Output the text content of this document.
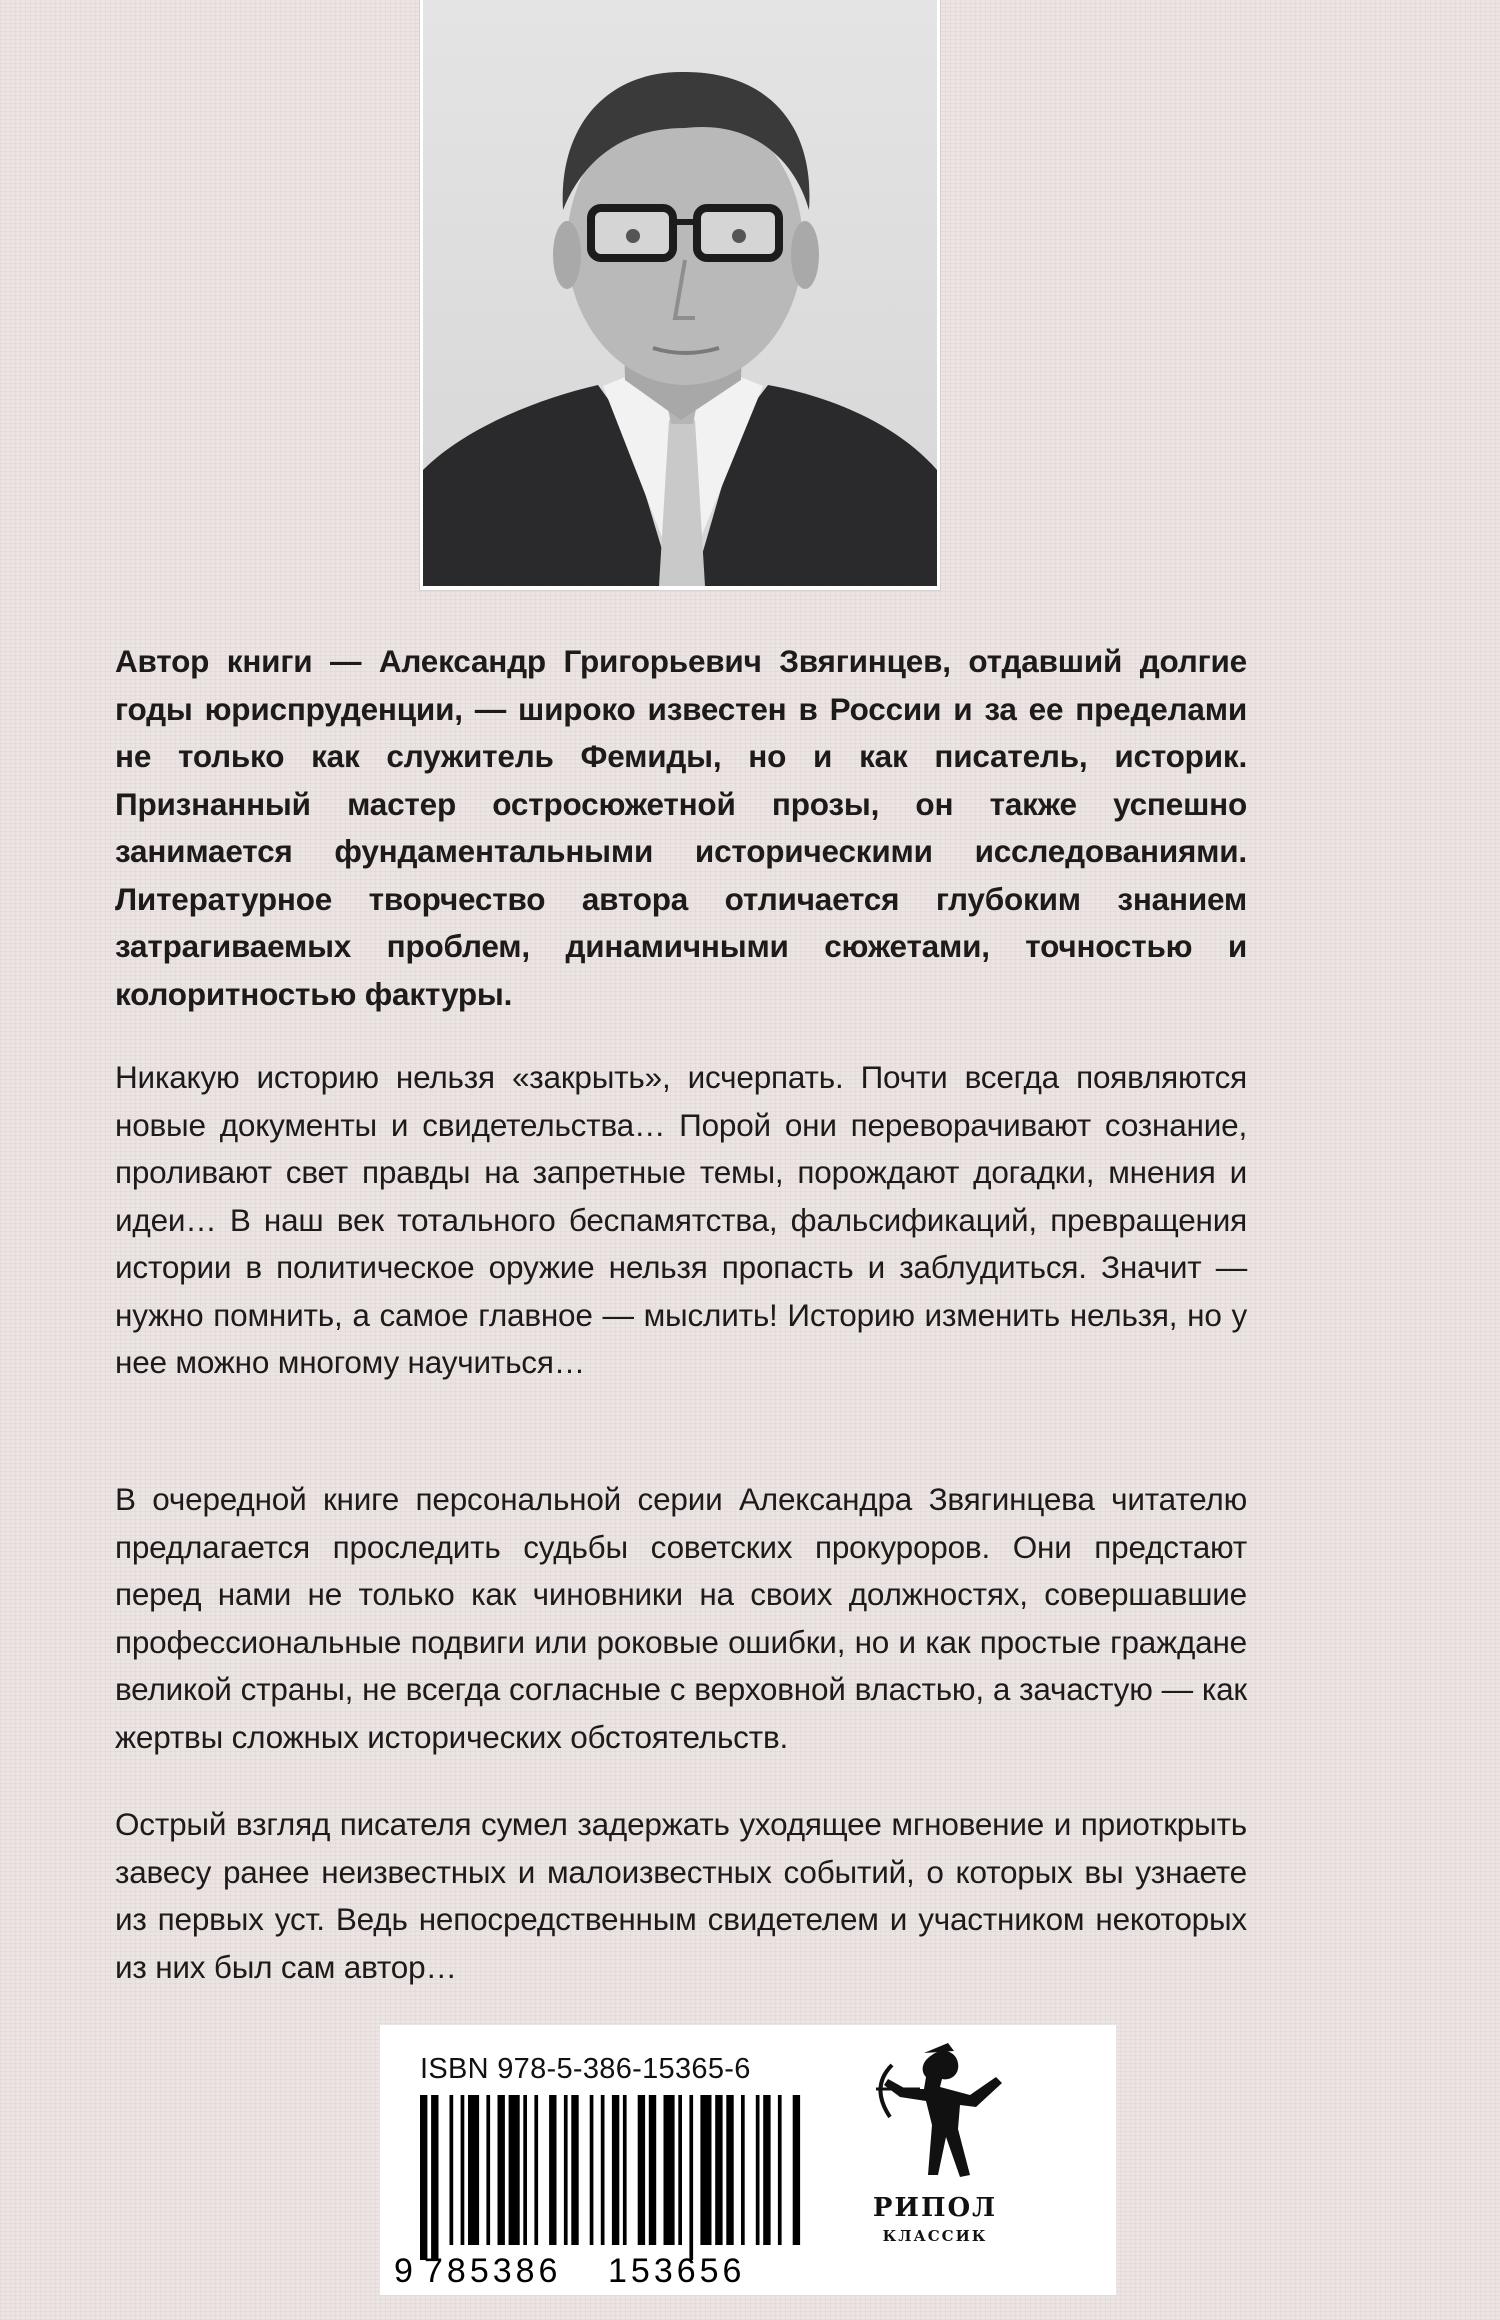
Автор книги — Александр Григорьевич Звягинцев, отдавший долгие годы юриспруденции, — широко известен в России и за ее пределами не только как служитель Фемиды, но и как писатель, историк. Признанный мастер остросюжетной прозы, он также успешно занимается фундаментальными историческими исследованиями. Литературное творчество автора отличается глубоким знанием затрагиваемых проблем, динамичными сюжетами, точностью и колоритностью фактуры.
Никакую историю нельзя «закрыть», исчерпать. Почти всегда появляются новые документы и свидетельства… Порой они переворачивают сознание, проливают свет правды на запретные темы, порождают догадки, мнения и идеи… В наш век тотального беспамятства, фальсификаций, превращения истории в политическое оружие нельзя пропасть и заблудиться. Значит — нужно помнить, а самое главное — мыслить! Историю изменить нельзя, но у нее можно многому научиться…
В очередной книге персональной серии Александра Звягинцева читателю предлагается проследить судьбы советских прокуроров. Они предстают перед нами не только как чиновники на своих должностях, совершавшие профессиональные подвиги или роковые ошибки, но и как простые граждане великой страны, не всегда согласные с верховной властью, а зачастую — как жертвы сложных исторических обстоятельств.
Острый взгляд писателя сумел задержать уходящее мгновение и приоткрыть завесу ранее неизвестных и малоизвестных событий, о которых вы узнаете из первых уст. Ведь непосредственным свидетелем и участником некоторых из них был сам автор…
ISBN 978-5-386-15365-6
9 785386 153656
РИПОЛ
КЛАССИК
